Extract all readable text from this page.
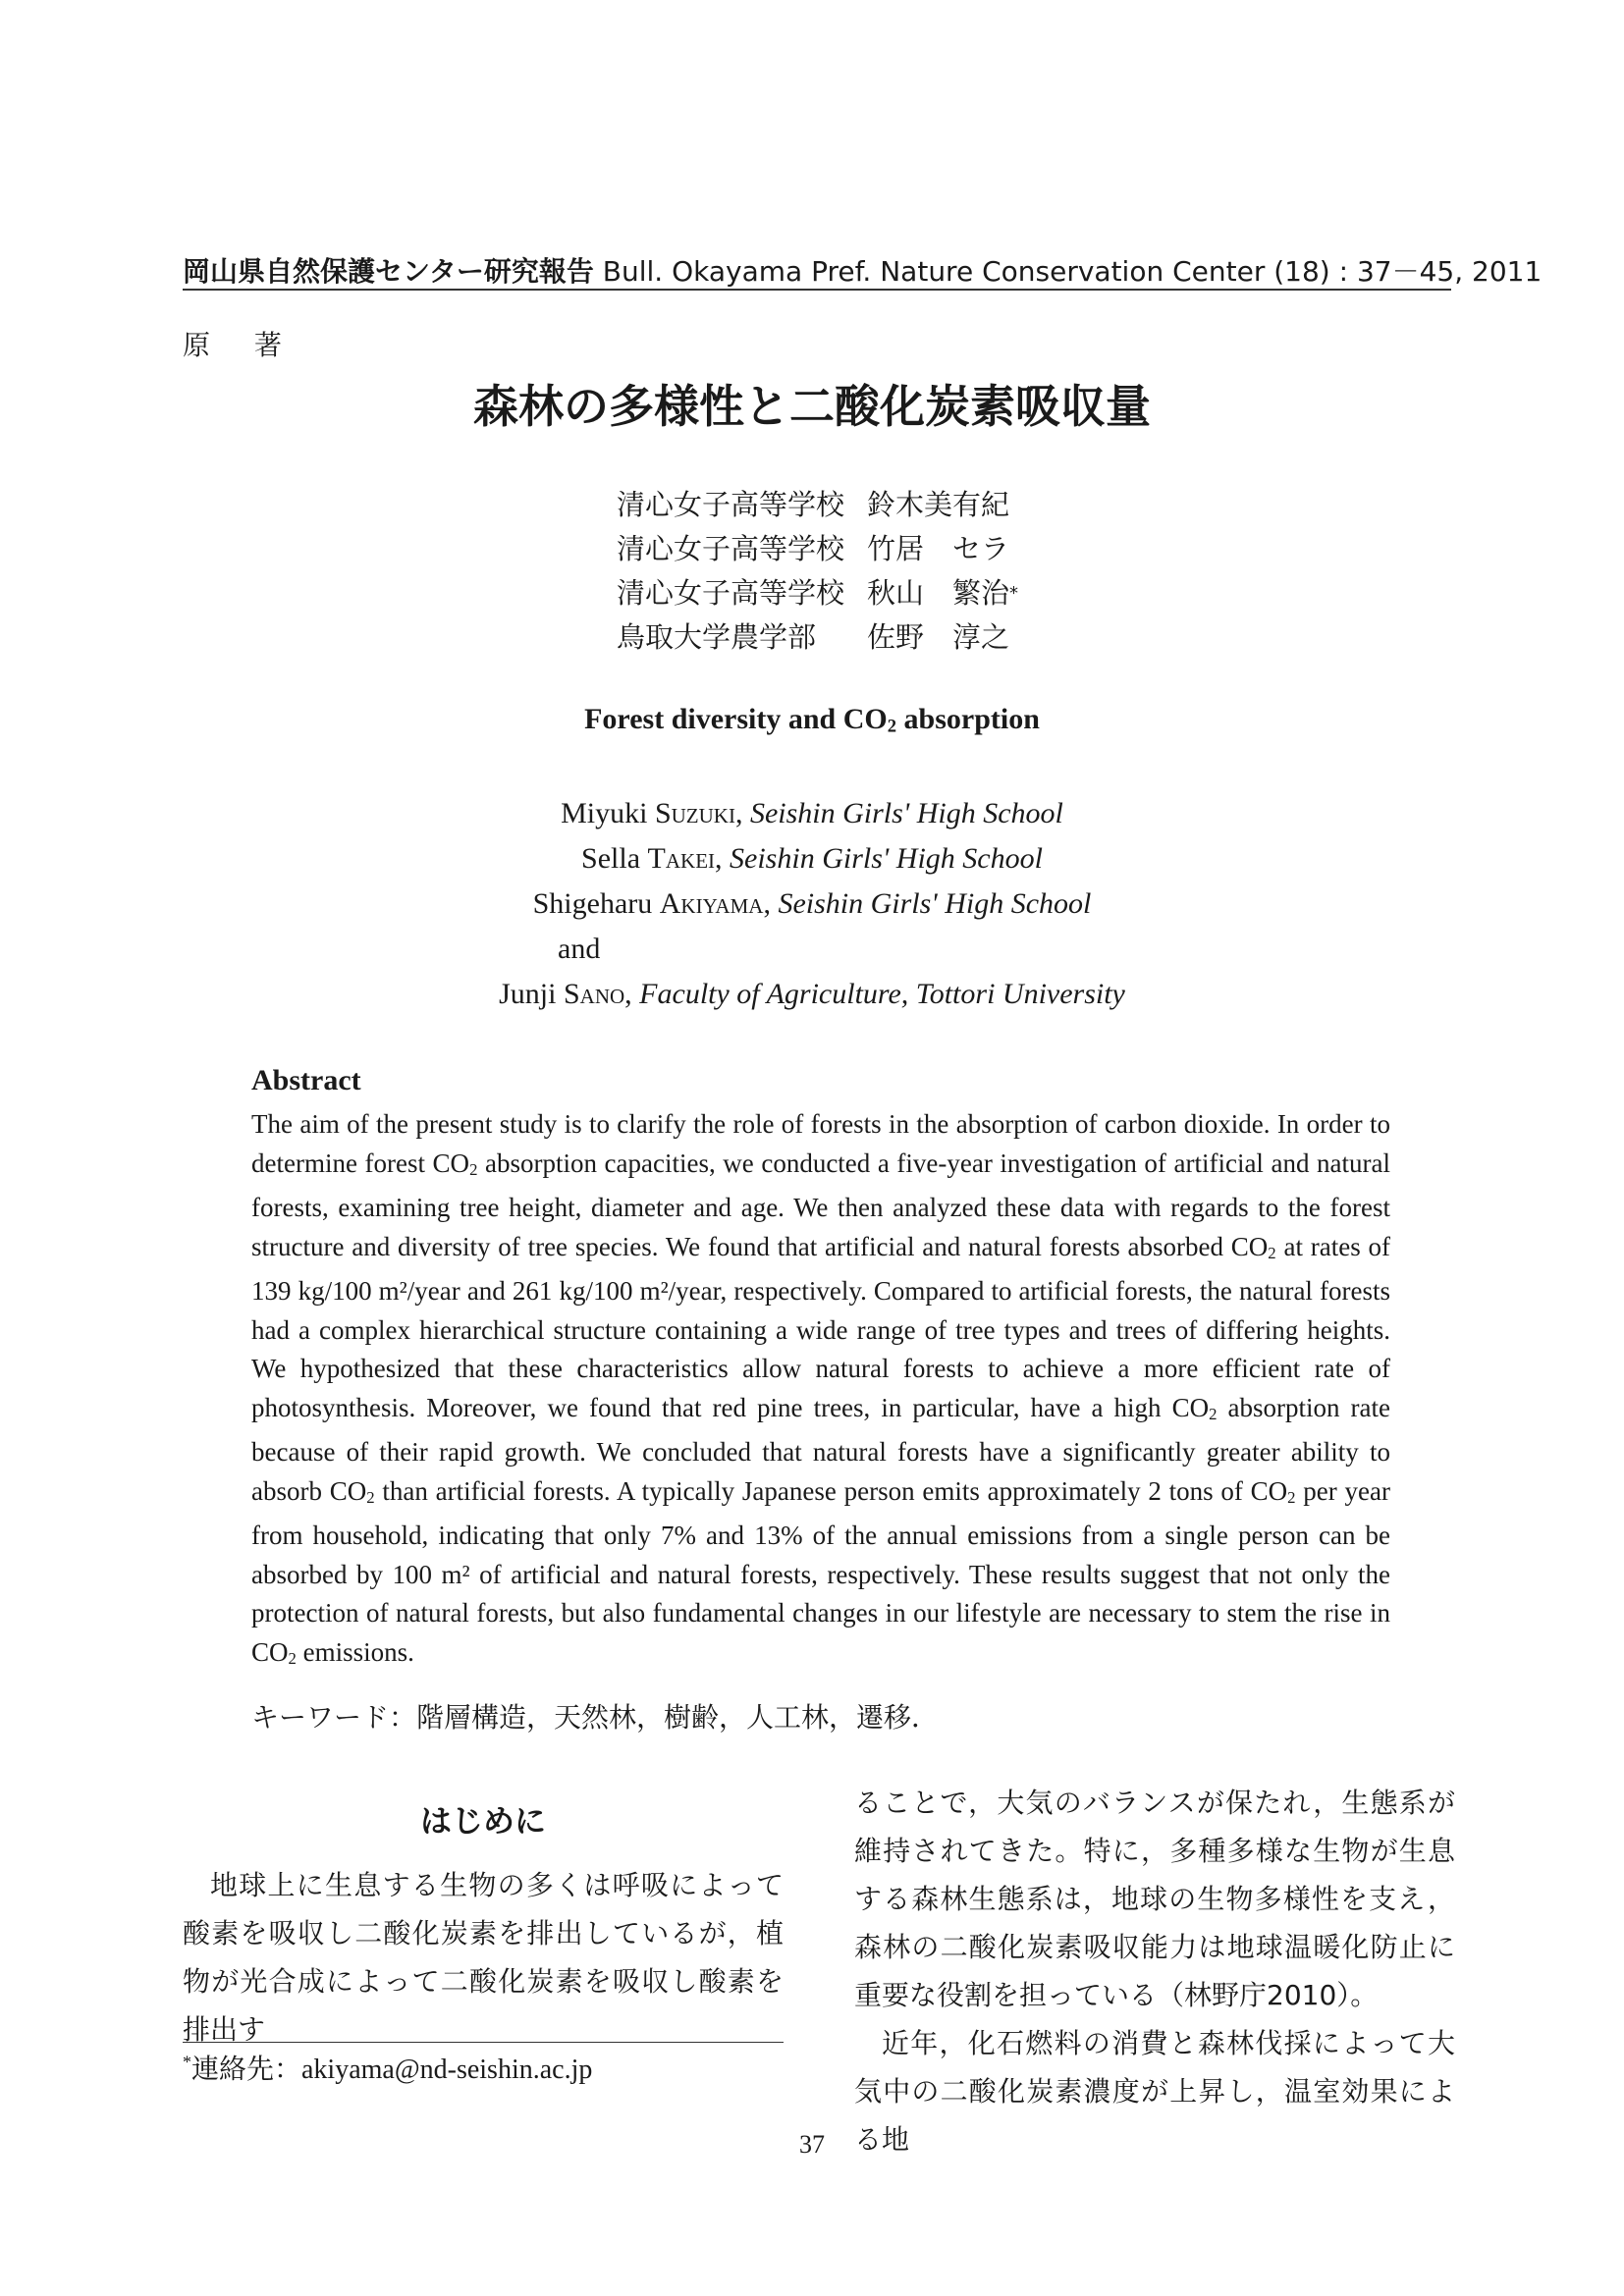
岡山県自然保護センター研究報告 Bull. Okayama Pref. Nature Conservation Center (18) : 37－45, 2011
原 著
森林の多様性と二酸化炭素吸収量
清心女子高等学校 鈴木美有紀
清心女子高等学校 竹居　セラ
清心女子高等学校 秋山　繁治 *
鳥取大学農学部	佐野　淳之
Forest diversity and $CO_2$ absorption
Miyuki Suzuki, Seishin Girls' High School
Sella Takei, Seishin Girls' High School
Shigeharu Akiyama, Seishin Girls' High School
and
Junji Sano, Faculty of Agriculture, Tottori University
Abstract
The aim of the present study is to clarify the role of forests in the absorption of carbon dioxide. In order to determine forest $CO_2$ absorption capacities, we conducted a five-year investigation of artificial and natural forests, examining tree height, diameter and age. We then analyzed these data with regards to the forest structure and diversity of tree species. We found that artificial and natural forests absorbed $CO_2$ at rates of 139 kg/100 m²/year and 261 kg/100 m²/year, respectively. Compared to artificial forests, the natural forests had a complex hierarchical structure containing a wide range of tree types and trees of differing heights. We hypothesized that these characteristics allow natural forests to achieve a more efficient rate of photosynthesis. Moreover, we found that red pine trees, in particular, have a high $CO_2$ absorption rate because of their rapid growth. We concluded that natural forests have a significantly greater ability to absorb $CO_2$ than artificial forests. A typically Japanese person emits approximately 2 tons of $CO_2$ per year from household, indicating that only 7% and 13% of the annual emissions from a single person can be absorbed by 100 m² of artificial and natural forests, respectively. These results suggest that not only the protection of natural forests, but also fundamental changes in our lifestyle are necessary to stem the rise in $CO_2$ emissions.
キーワード：階層構造，天然林，樹齢，人工林，遷移．
はじめに

地球上に生息する生物の多くは呼吸によって酸素を吸収し二酸化炭素を排出しているが，植物が光合成によって二酸化炭素を吸収し酸素を排出す

ることで，大気のバランスが保たれ，生態系が維持されてきた。特に，多種多様な生物が生息する森林生態系は，地球の生物多様性を支え，森林の二酸化炭素吸収能力は地球温暖化防止に重要な役割を担っている（林野庁2010）。

近年，化石燃料の消費と森林伐採によって大気中の二酸化炭素濃度が上昇し，温室効果による地

*連絡先：akiyama@nd-seishin.ac.jp
37
